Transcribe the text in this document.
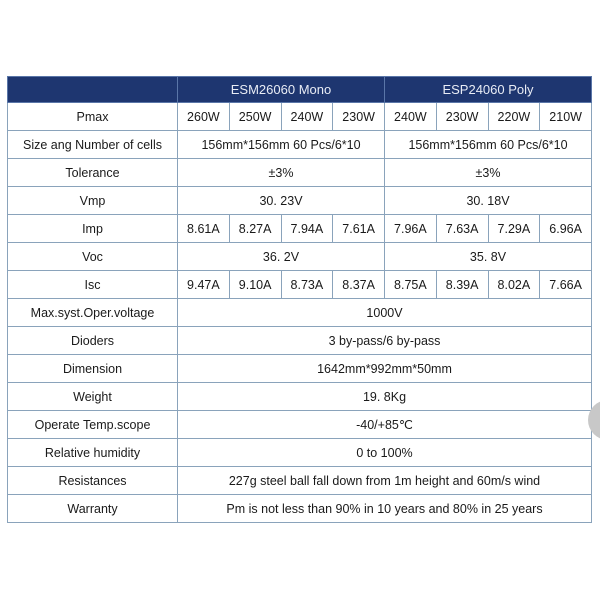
	ESM26060 Mono				ESP24060 Poly			
Pmax	260W	250W	240W	230W	240W	230W	220W	210W
Size ang Number of cells	156mm*156mm 60 Pcs/6*10				156mm*156mm 60 Pcs/6*10			
Tolerance	±3%				±3%			
Vmp	30. 23V				30. 18V			
Imp	8.61A	8.27A	7.94A	7.61A	7.96A	7.63A	7.29A	6.96A
Voc	36. 2V				35. 8V			
Isc	9.47A	9.10A	8.73A	8.37A	8.75A	8.39A	8.02A	7.66A
Max.syst.Oper.voltage	1000V							
Dioders	3 by-pass/6 by-pass							
Dimension	1642mm*992mm*50mm							
Weight	19. 8Kg							
Operate Temp.scope	-40/+85℃							
Relative humidity	0 to 100%							
Resistances	227g steel ball fall down from 1m height and 60m/s wind							
Warranty	Pm is not less than 90% in 10 years and 80% in 25 years							
